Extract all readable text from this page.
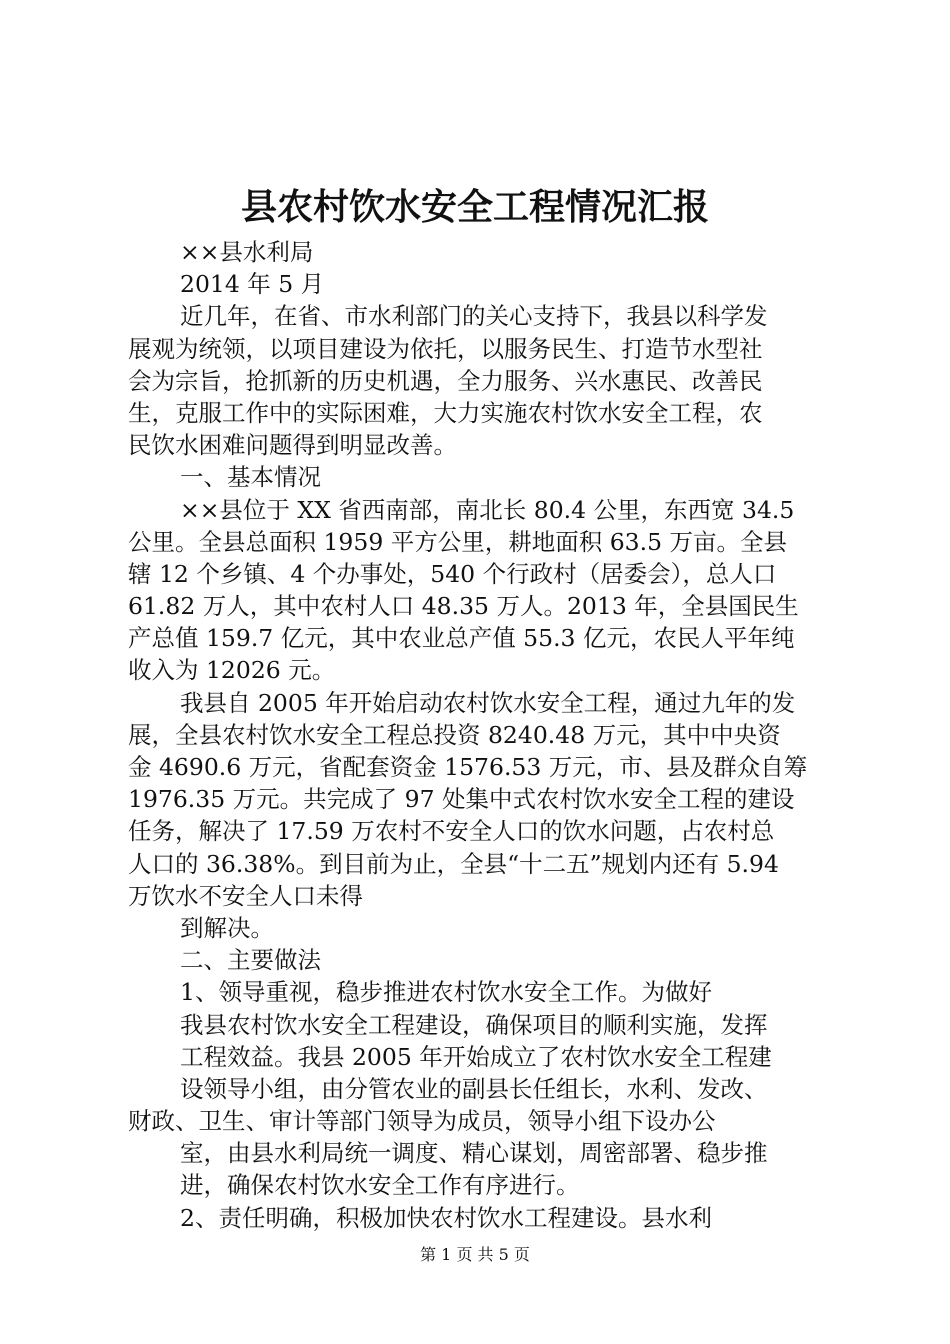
县农村饮水安全工程情况汇报
××县水利局
2014 年 5 月
近几年，在省、市水利部门的关心支持下，我县以科学发
展观为统领，以项目建设为依托，以服务民生、打造节水型社
会为宗旨，抢抓新的历史机遇，全力服务、兴水惠民、改善民
生，克服工作中的实际困难，大力实施农村饮水安全工程，农
民饮水困难问题得到明显改善。
一、基本情况
××县位于 XX 省西南部，南北长 80.4 公里，东西宽 34.5
公里。全县总面积 1959 平方公里，耕地面积 63.5 万亩。全县
辖 12 个乡镇、4 个办事处，540 个行政村（居委会），总人口
61.82 万人，其中农村人口 48.35 万人。2013 年，全县国民生
产总值 159.7 亿元，其中农业总产值 55.3 亿元，农民人平年纯
收入为 12026 元。
我县自 2005 年开始启动农村饮水安全工程，通过九年的发
展，全县农村饮水安全工程总投资 8240.48 万元，其中中央资
金 4690.6 万元，省配套资金 1576.53 万元，市、县及群众自筹
1976.35 万元。共完成了 97 处集中式农村饮水安全工程的建设
任务，解决了 17.59 万农村不安全人口的饮水问题，占农村总
人口的 36.38%。到目前为止，全县“十二五”规划内还有 5.94
万饮水不安全人口未得
到解决。
二、主要做法
1、领导重视，稳步推进农村饮水安全工作。为做好
我县农村饮水安全工程建设，确保项目的顺利实施，发挥
工程效益。我县 2005 年开始成立了农村饮水安全工程建
设领导小组，由分管农业的副县长任组长，水利、发改、
财政、卫生、审计等部门领导为成员，领导小组下设办公
室，由县水利局统一调度、精心谋划，周密部署、稳步推
进，确保农村饮水安全工作有序进行。
2、责任明确，积极加快农村饮水工程建设。县水利
第 1 页 共 5 页
